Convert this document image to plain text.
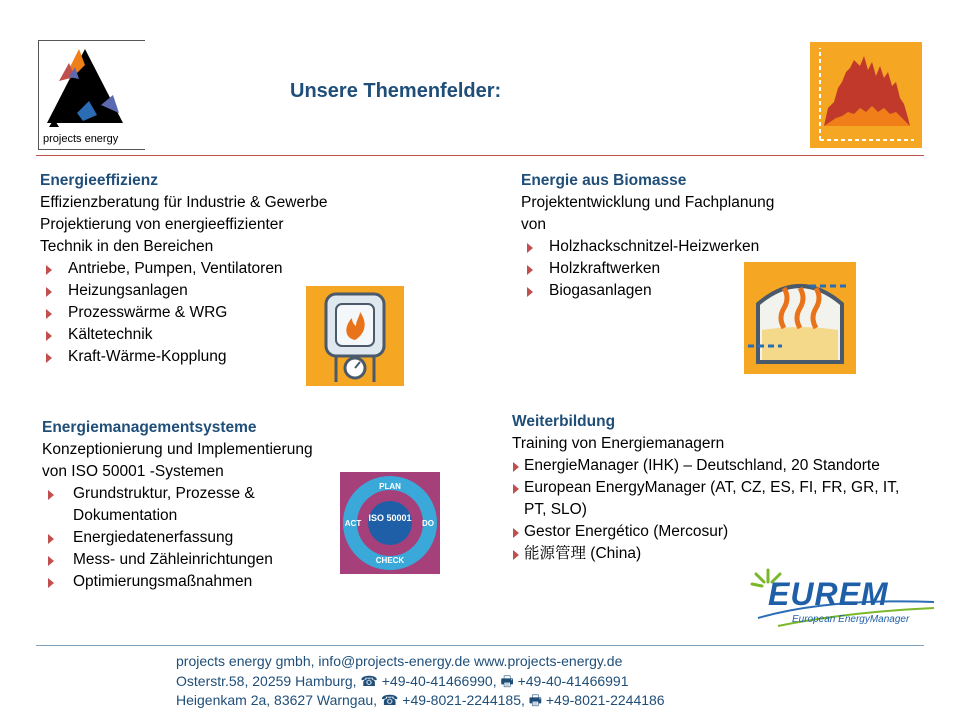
projects energy
Unsere Themenfelder:
Energieeffizienz
Effizienzberatung für Industrie & Gewerbe
Projektierung von energieeffizienter
Technik in den Bereichen
Antriebe, Pumpen, Ventilatoren
Heizungsanlagen
Prozesswärme & WRG
Kältetechnik
Kraft-Wärme-Kopplung
Energie aus Biomasse
Projektentwicklung und Fachplanung
von
Holzhackschnitzel-Heizwerken
Holzkraftwerken
Biogasanlagen
Energiemanagementsysteme
Konzeptionierung und Implementierung
von ISO 50001 -Systemen
Grundstruktur, Prozesse & Dokumentation
Energiedatenerfassung
Mess- und Zähleinrichtungen
Optimierungsmaßnahmen
ISO 50001
PLAN
DO
CHECK
ACT
Weiterbildung
Training von Energiemanagern
EnergieManager (IHK) – Deutschland, 20 Standorte
European EnergyManager (AT, CZ, ES, FI, FR, GR, IT, PT, SLO)
Gestor Energético (Mercosur)
能源管理 (China)
EUREM
European EnergyManager
projects energy gmbh, info@projects-energy.de www.projects-energy.de
Osterstr.58, 20259 Hamburg, ☎ +49-40-41466990, 🖶 +49-40-41466991
Heigenkam 2a, 83627 Warngau, ☎ +49-8021-2244185, 🖶 +49-8021-2244186
